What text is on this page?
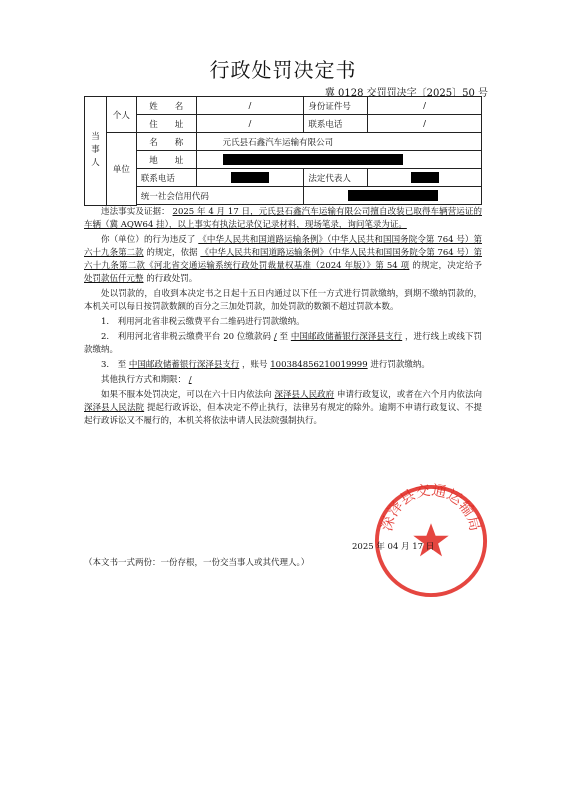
行政处罚决定书
冀 0128 交罚罚决字〔2025〕50 号
当事人	个人	姓　　名	/	身份证件号	/
		住　　址	/	联系电话	/
	单位	名　　称	元氏县石鑫汽车运输有限公司		
		地　　址			
		联系电话		法定代表人	
		统一社会信用代码			

违法事实及证据： 2025 年 4 月 17 日，元氏县石鑫汽车运输有限公司擅自改装已取得车辆营运证的车辆（冀 AQW64 挂），以上事实有执法记录仪记录材料，现场笔录，询问笔录为证。

你（单位）的行为违反了 《中华人民共和国道路运输条例》（中华人民共和国国务院令第 764 号）第六十九条第二款 的规定，依据 《中华人民共和国道路运输条例》（中华人民共和国国务院令第 764 号）第六十九条第二款《河北省交通运输系统行政处罚裁量权基准（2024 年版）》第 54 项 的规定，决定给予 处罚款伍仟元整 的行政处罚。

处以罚款的，自收到本决定书之日起十五日内通过以下任一方式进行罚款缴纳，到期不缴纳罚款的，本机关可以每日按罚款数额的百分之三加处罚款，加处罚款的数额不超过罚款本数。

1.　利用河北省非税云缴费平台二维码进行罚款缴纳。

2.　利用河北省非税云缴费平台 20 位缴款码 / 至 中国邮政储蓄银行深泽县支行 ，进行线上或线下罚款缴纳。

3.　至 中国邮政储蓄银行深泽县支行 ，账号 100384856210019999 进行罚款缴纳。

其他执行方式和期限： /

如果不服本处罚决定，可以在六十日内依法向 深泽县人民政府 申请行政复议，或者在六个月内依法向 深泽县人民法院 提起行政诉讼，但本决定不停止执行，法律另有规定的除外。逾期不申请行政复议、不提起行政诉讼又不履行的，本机关将依法申请人民法院强制执行。

深泽县交通运输局
2025 年 04 月 17 日
（本文书一式两份：一份存根，一份交当事人或其代理人。）
